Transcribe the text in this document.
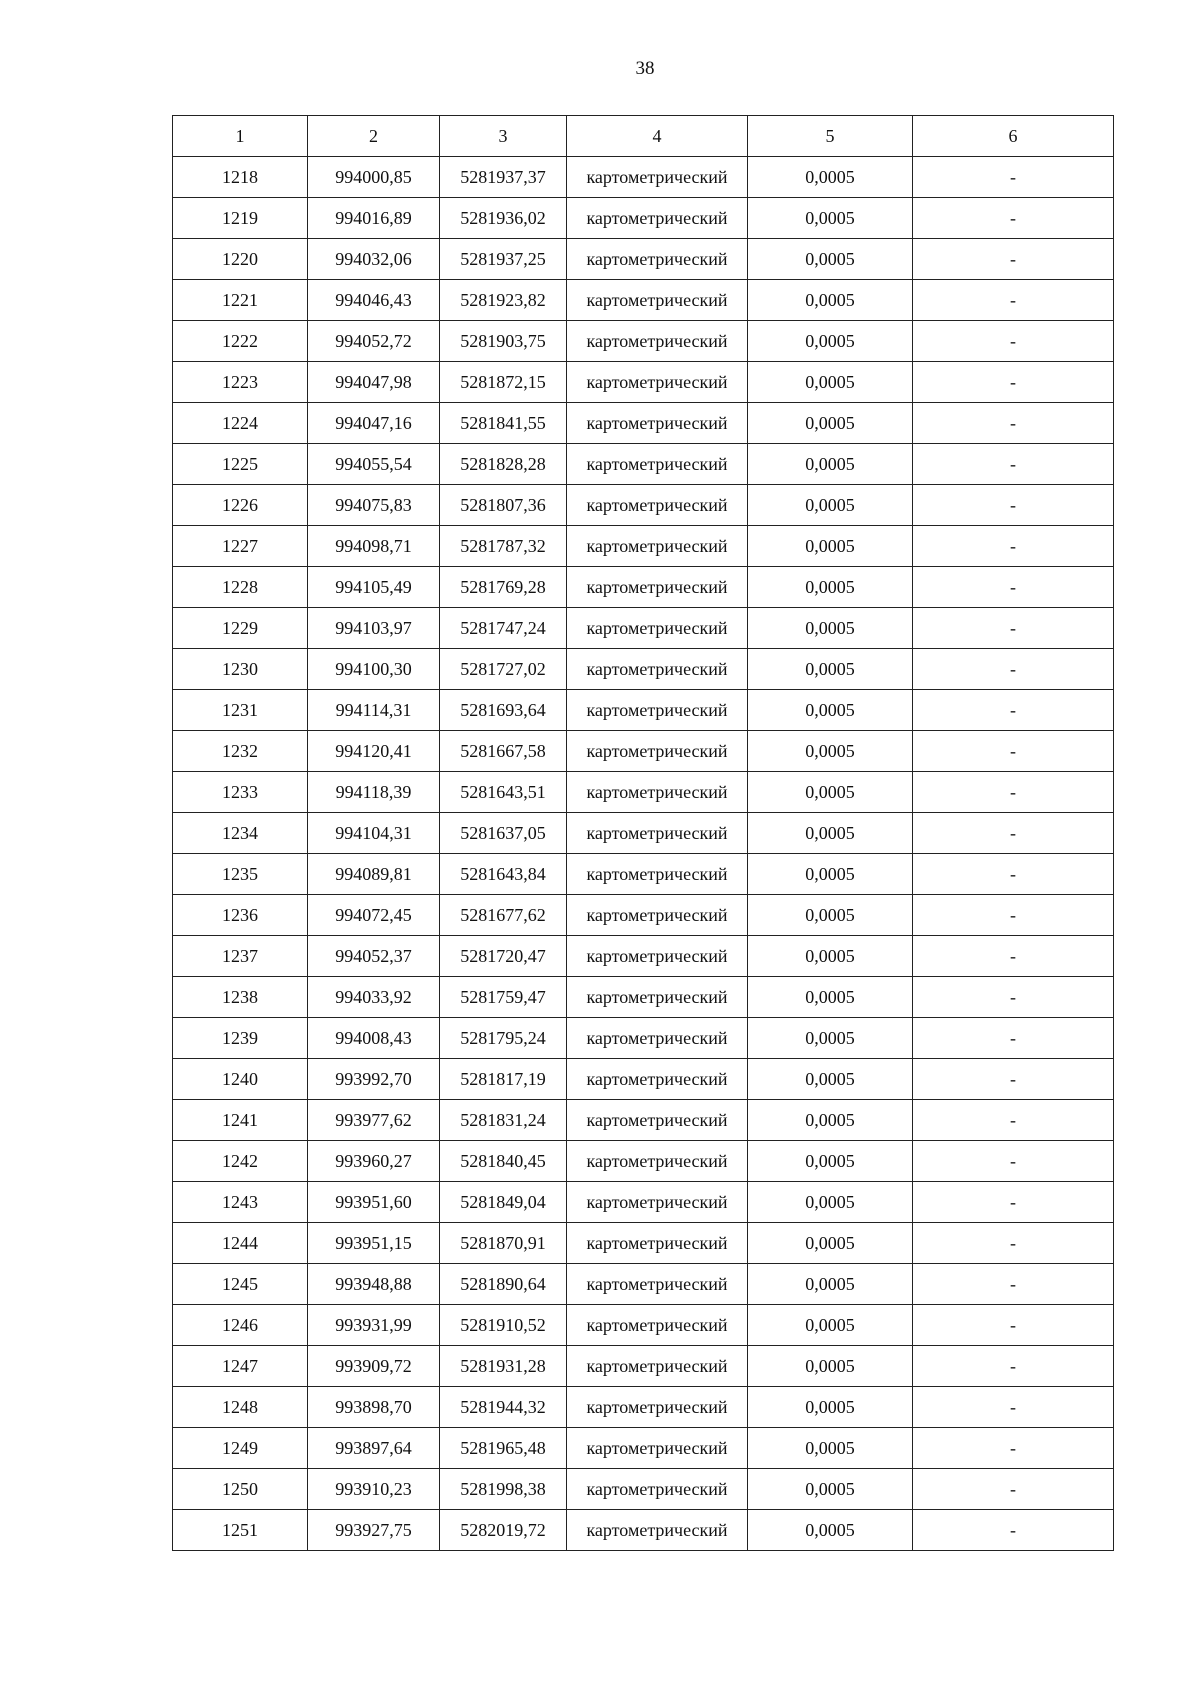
38
1	2	3	4	5	6
1218	994000,85	5281937,37	картометрический	0,0005	-
1219	994016,89	5281936,02	картометрический	0,0005	-
1220	994032,06	5281937,25	картометрический	0,0005	-
1221	994046,43	5281923,82	картометрический	0,0005	-
1222	994052,72	5281903,75	картометрический	0,0005	-
1223	994047,98	5281872,15	картометрический	0,0005	-
1224	994047,16	5281841,55	картометрический	0,0005	-
1225	994055,54	5281828,28	картометрический	0,0005	-
1226	994075,83	5281807,36	картометрический	0,0005	-
1227	994098,71	5281787,32	картометрический	0,0005	-
1228	994105,49	5281769,28	картометрический	0,0005	-
1229	994103,97	5281747,24	картометрический	0,0005	-
1230	994100,30	5281727,02	картометрический	0,0005	-
1231	994114,31	5281693,64	картометрический	0,0005	-
1232	994120,41	5281667,58	картометрический	0,0005	-
1233	994118,39	5281643,51	картометрический	0,0005	-
1234	994104,31	5281637,05	картометрический	0,0005	-
1235	994089,81	5281643,84	картометрический	0,0005	-
1236	994072,45	5281677,62	картометрический	0,0005	-
1237	994052,37	5281720,47	картометрический	0,0005	-
1238	994033,92	5281759,47	картометрический	0,0005	-
1239	994008,43	5281795,24	картометрический	0,0005	-
1240	993992,70	5281817,19	картометрический	0,0005	-
1241	993977,62	5281831,24	картометрический	0,0005	-
1242	993960,27	5281840,45	картометрический	0,0005	-
1243	993951,60	5281849,04	картометрический	0,0005	-
1244	993951,15	5281870,91	картометрический	0,0005	-
1245	993948,88	5281890,64	картометрический	0,0005	-
1246	993931,99	5281910,52	картометрический	0,0005	-
1247	993909,72	5281931,28	картометрический	0,0005	-
1248	993898,70	5281944,32	картометрический	0,0005	-
1249	993897,64	5281965,48	картометрический	0,0005	-
1250	993910,23	5281998,38	картометрический	0,0005	-
1251	993927,75	5282019,72	картометрический	0,0005	-
